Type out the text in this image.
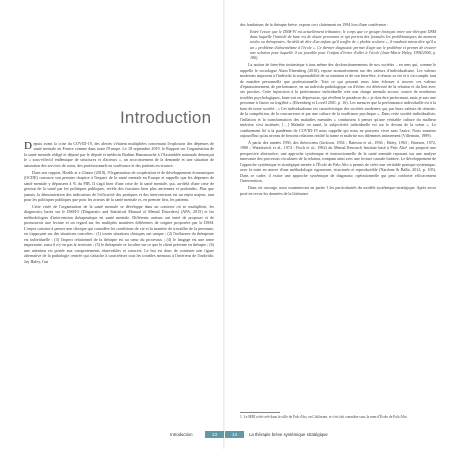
Introduction

Depuis avant la crise du COVID-19, des alertes s'étaient multipliées concernant l'explosion des dépenses de santé mentale en France comme dans toute l'Europe. Le 18 septembre 2019, le Rapport sur l'organisation de la santé mentale rédigé et déposé par le député et médecin Brahim Hammouche à l'Assemblée nationale dénonçait le « sous-effectif endémique de structures et d'acteurs », un accroissement de la demande et une situation de saturation des services de soins, des professionnels en souffrance et des patients en errance.

Dans son rapport, Health at a Glance (2018), l'Organisation de coopération et de développement économiques (OCDE) consacre son premier chapitre à l'impact de la santé mentale en Europe et rappelle que les dépenses de santé mentale y dépassent 4 % du PIB. Il s'agit bien d'une crise de la santé mentale, qui, au-delà d'une crise de gestion de la santé par les politiques publiques, révèle des fractures bien plus anciennes et profondes. Plus que jamais, la démonstration des indicateurs de l'efficacité des pratiques et des interventions est un enjeu majeur, tant pour les politiques publiques que pour les acteurs de la santé mentale et, en premier lieu, les patients.

Cette visée de l'organisation de la santé mentale se développe dans un contexte où se multiplient, les diagnostics basés sur le DSM-5 (Diagnostic and Statistical Manual of Mental Disorders) (APA, 2015) et les méthodologies d'intervention thérapeutique en santé mentale. Différents auteurs ont tenté de proposer et de promouvoir une lecture et un regard sur les multiples manières différentes de soigner proposées par le DSM. L'enjeu consiste à penser une clinique qui considère les conditions de vie et la manière de travailler de la personne, en s'appuyant sur des situations concrètes : (1) toutes situations cliniques ont unique ; (2) l'influence du thérapeute est individuelle ; (3) l'aspect relationnel de la thérapie est au cœur du processus ; (4) le langage est une arme importante, aussi il n'y en pas le territoire ; (5) le thérapeute se focalise sur ce que le client présente en thérapie ; (6) une attention est portée aux comportements observables et concrets. Le but est donc de contester une figure alternative de la pathologie centrée qui s'attache à caractériser tous les troubles mentaux à l'intérieur de l'individu. Jay Haley, l'un

des fondateurs de la thérapie brève, expose ceci clairement en 1994 lors d'une conférence :

Entre l'essor que le DSM-IV est actuellement tributaire, le corps que ce groupe énonçait entre une thérapie DSM dans laquelle l'intitulé de base est de douze personnes et qui portent des formules les problématiques du moment seules ou thérapeutes. Au-delà de dire d'un enfant qu'il souffre de « phobie scolaire », il vaudrait mieux dire qu'il a un « problème d'absentéisme à l'école ». Ce dernier diagnostic permet d'agir sur le problème et permet de trouver une solution pour laquelle il est possible pour l'enfant d'éviter d'aller à l'école (Jean-Marie Haley, 1994/2000, p. 186).

La notion de bien-être intrinsèque à tous même des dysfonctionnements de nos sociétés – en sens qui, comme le rappelle le sociologue Alain Ehrenberg (2010), repose normativement sur des valeurs d'individualisme. Les valeurs modernes imposent à l'individu la responsabilité de sa situation et de son bien-être, à réussir sa vie et à s'accomplir tant de manière personnelle que professionnelle. Tout ce qui pourrait nous faire échouer à trouver ces valeurs d'épanouissement, de performance, en un individu pathologique ou d'échec est détérioré de la relation et du lien avec ses proches. Cette injonction à la performance individuelle crée une charge mentale accrue, source de nombreux troubles psychologiques, burn-out ou dépression, qui révèlent le paradoxe du « je dois être performant, mais je suis une personne à l'autre ou fragilisé » (Ehrenberg et Lovell 2001, p. 16). Les mesures que la performance individuelle est à la base de notre société : « Cet individualisme est caractéristique des sociétés modernes qui, par leurs valeurs de réussite, de la compétition, de la concurrence et par une culture de la souffrance psychique ». Dans cette société individualiste, l'inflation et la transformation des maladies mentales « conduisent à penser qu'une véritable culture du malheur intérieur s'est instituée, […] Maladie ou santé, la subjectivité individuelle est sur le devant de la scène ». Le confinement lié à la pandémie de COVID-19 nous rappelle qui nous ne pouvons vivre sans l'autre. Nous sommes aujourd'hui qu'au niveau de besoins relations réalité la trame et maîtrise nos dilemmes intimement (Villemain, 1989).

À partir des années 1950, des théoriciens (Jackson, 1954 ; Bateson et al., 1956 ; Haley, 1963 ; Bateson, 1972, 1980 ; Watzlawick et al., 1974 ; Fisch et al., 1982) du Mental Research Institute basé à Palo Alto¹ ont proposé une perspective alternative, une approche systémique et interactionnelle de la santé mentale reposant sur une analyse innovante des processus circulaires de la relation, rompant ainsi avec une lecture causale linéaire. Le développement de l'approche systémique et stratégique menée à l'École de Palo Alto a permis de créer une véritable pratique systémique, avec la mise en œuvre d'une méthodologie rigoureuse, structurée et reproductible (Nardone & Balbi, 2012, p. 105). Dans ce cadre, il existe une approche systémique de diagnostic opérationnelle qui peut conforter efficacement l'intervention.

Dans cet ouvrage, nous examinerons en partie 1 les particularités du modèle systémique-stratégique. Après avoir posé en revue les données de la littérature

1. Le MRI a été créé dans la ville de Palo Alto, en Californie, et s'est fait connaître sous le nom d'École de Palo Alto.
Introduction	13	14	La thérapie brève systémique stratégique
